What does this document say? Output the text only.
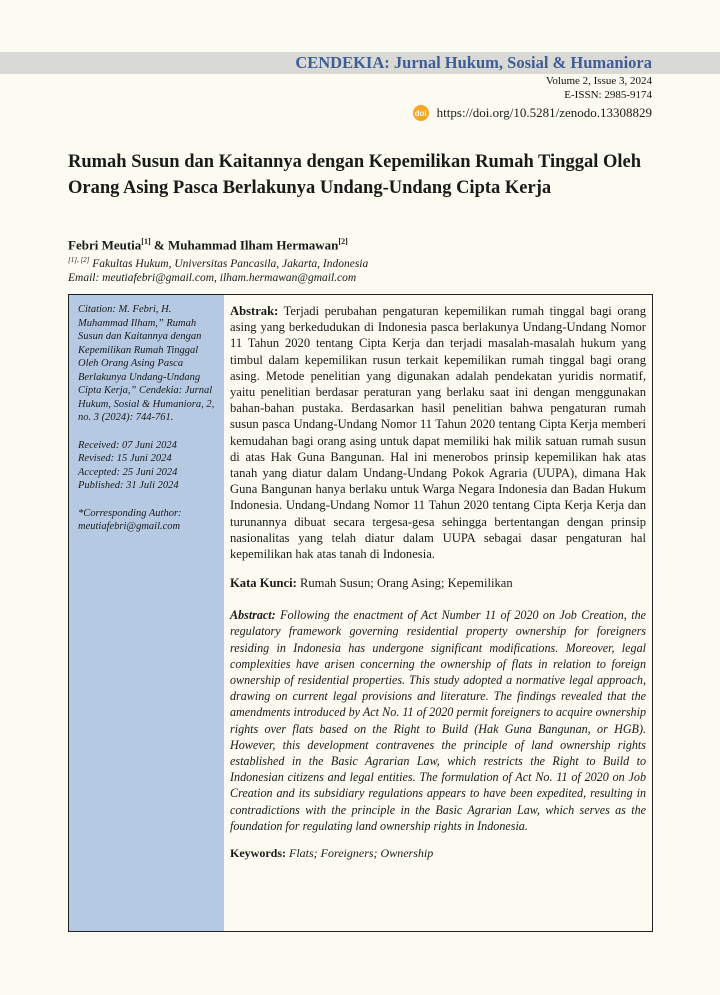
CENDEKIA: Jurnal Hukum, Sosial & Humaniora
Volume 2, Issue 3, 2024
E-ISSN: 2985-9174
doi https://doi.org/10.5281/zenodo.13308829
Rumah Susun dan Kaitannya dengan Kepemilikan Rumah Tinggal Oleh Orang Asing Pasca Berlakunya Undang-Undang Cipta Kerja
Febri Meutia[1] & Muhammad Ilham Hermawan[2]
[1], [2] Fakultas Hukum, Universitas Pancasila, Jakarta, Indonesia
Email: meutiafebri@gmail.com, ilham.hermawan@gmail.com

Citation: M. Febri, H. Muhammad Ilham,” Rumah Susun dan Kaitannya dengan Kepemilikan Rumah Tinggal Oleh Orang Asing Pasca Berlakunya Undang-Undang Cipta Kerja,” Cendekia: Jurnal Hukum, Sosial & Humaniora, 2, no. 3 (2024): 744-761.

Received: 07 Juni 2024
Revised: 15 Juni 2024
Accepted: 25 Juni 2024
Published: 31 Juli 2024

*Corresponding Author:
meutiafebri@gmail.com

Abstrak: Terjadi perubahan pengaturan kepemilikan rumah tinggal bagi orang asing yang berkedudukan di Indonesia pasca berlakunya Undang-Undang Nomor 11 Tahun 2020 tentang Cipta Kerja dan terjadi masalah-masalah hukum yang timbul dalam kepemilikan rusun terkait kepemilikan rumah tinggal bagi orang asing. Metode penelitian yang digunakan adalah pendekatan yuridis normatif, yaitu penelitian berdasar peraturan yang berlaku saat ini dengan menggunakan bahan-bahan pustaka. Berdasarkan hasil penelitian bahwa pengaturan rumah susun pasca Undang-Undang Nomor 11 Tahun 2020 tentang Cipta Kerja memberi kemudahan bagi orang asing untuk dapat memiliki hak milik satuan rumah susun di atas Hak Guna Bangunan. Hal ini menerobos prinsip kepemilikan hak atas tanah yang diatur dalam Undang-Undang Pokok Agraria (UUPA), dimana Hak Guna Bangunan hanya berlaku untuk Warga Negara Indonesia dan Badan Hukum Indonesia. Undang-Undang Nomor 11 Tahun 2020 tentang Cipta Kerja Kerja dan turunannya dibuat secara tergesa-gesa sehingga bertentangan dengan prinsip nasionalitas yang telah diatur dalam UUPA sebagai dasar pengaturan hal kepemilikan hak atas tanah di Indonesia.

Kata Kunci: Rumah Susun; Orang Asing; Kepemilikan

Abstract: Following the enactment of Act Number 11 of 2020 on Job Creation, the regulatory framework governing residential property ownership for foreigners residing in Indonesia has undergone significant modifications. Moreover, legal complexities have arisen concerning the ownership of flats in relation to foreign ownership of residential properties. This study adopted a normative legal approach, drawing on current legal provisions and literature. The findings revealed that the amendments introduced by Act No. 11 of 2020 permit foreigners to acquire ownership rights over flats based on the Right to Build (Hak Guna Bangunan, or HGB). However, this development contravenes the principle of land ownership rights established in the Basic Agrarian Law, which restricts the Right to Build to Indonesian citizens and legal entities. The formulation of Act No. 11 of 2020 on Job Creation and its subsidiary regulations appears to have been expedited, resulting in contradictions with the principle in the Basic Agrarian Law, which serves as the foundation for regulating land ownership rights in Indonesia.

Keywords: Flats; Foreigners; Ownership
